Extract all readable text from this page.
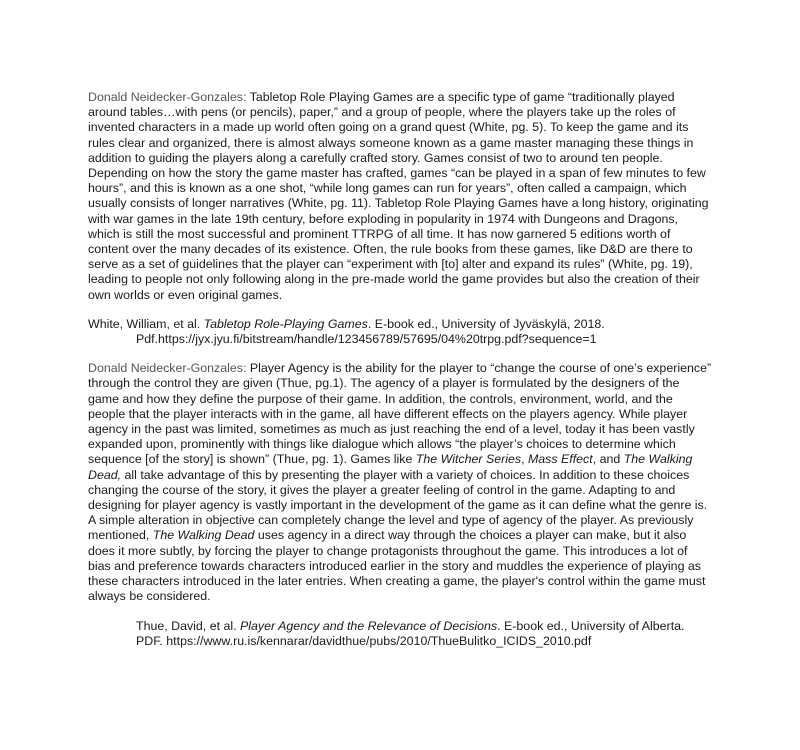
Donald Neidecker-Gonzales: Tabletop Role Playing Games are a specific type of game “traditionally played around tables…with pens (or pencils), paper,” and a group of people, where the players take up the roles of invented characters in a made up world often going on a grand quest (White, pg. 5). To keep the game and its rules clear and organized, there is almost always someone known as a game master managing these things in addition to guiding the players along a carefully crafted story. Games consist of two to around ten people. Depending on how the story the game master has crafted, games “can be played in a span of few minutes to few hours”, and this is known as a one shot, “while long games can run for years”, often called a campaign, which usually consists of longer narratives (White, pg. 11). Tabletop Role Playing Games have a long history, originating with war games in the late 19th century, before exploding in popularity in 1974 with Dungeons and Dragons, which is still the most successful and prominent TTRPG of all time. It has now garnered 5 editions worth of content over the many decades of its existence. Often, the rule books from these games, like D&D are there to serve as a set of guidelines that the player can “experiment with [to] alter and expand its rules” (White, pg. 19), leading to people not only following along in the pre-made world the game provides but also the creation of their own worlds or even original games.

White, William, et al. Tabletop Role-Playing Games. E-book ed., University of Jyväskylä, 2018. Pdf.https://jyx.jyu.fi/bitstream/handle/123456789/57695/04%20trpg.pdf?sequence=1

Donald Neidecker-Gonzales: Player Agency is the ability for the player to “change the course of one’s experience” through the control they are given (Thue, pg.1). The agency of a player is formulated by the designers of the game and how they define the purpose of their game. In addition, the controls, environment, world, and the people that the player interacts with in the game, all have different effects on the players agency. While player agency in the past was limited, sometimes as much as just reaching the end of a level, today it has been vastly expanded upon, prominently with things like dialogue which allows “the player’s choices to determine which sequence [of the story] is shown” (Thue, pg. 1). Games like The Witcher Series, Mass Effect, and The Walking Dead, all take advantage of this by presenting the player with a variety of choices. In addition to these choices changing the course of the story, it gives the player a greater feeling of control in the game. Adapting to and designing for player agency is vastly important in the development of the game as it can define what the genre is. A simple alteration in objective can completely change the level and type of agency of the player. As previously mentioned, The Walking Dead uses agency in a direct way through the choices a player can make, but it also does it more subtly, by forcing the player to change protagonists throughout the game. This introduces a lot of bias and preference towards characters introduced earlier in the story and muddles the experience of playing as these characters introduced in the later entries. When creating a game, the player's control within the game must always be considered.

Thue, David, et al. Player Agency and the Relevance of Decisions. E-book ed., University of Alberta. PDF. https://www.ru.is/kennarar/davidthue/pubs/2010/ThueBulitko_ICIDS_2010.pdf
